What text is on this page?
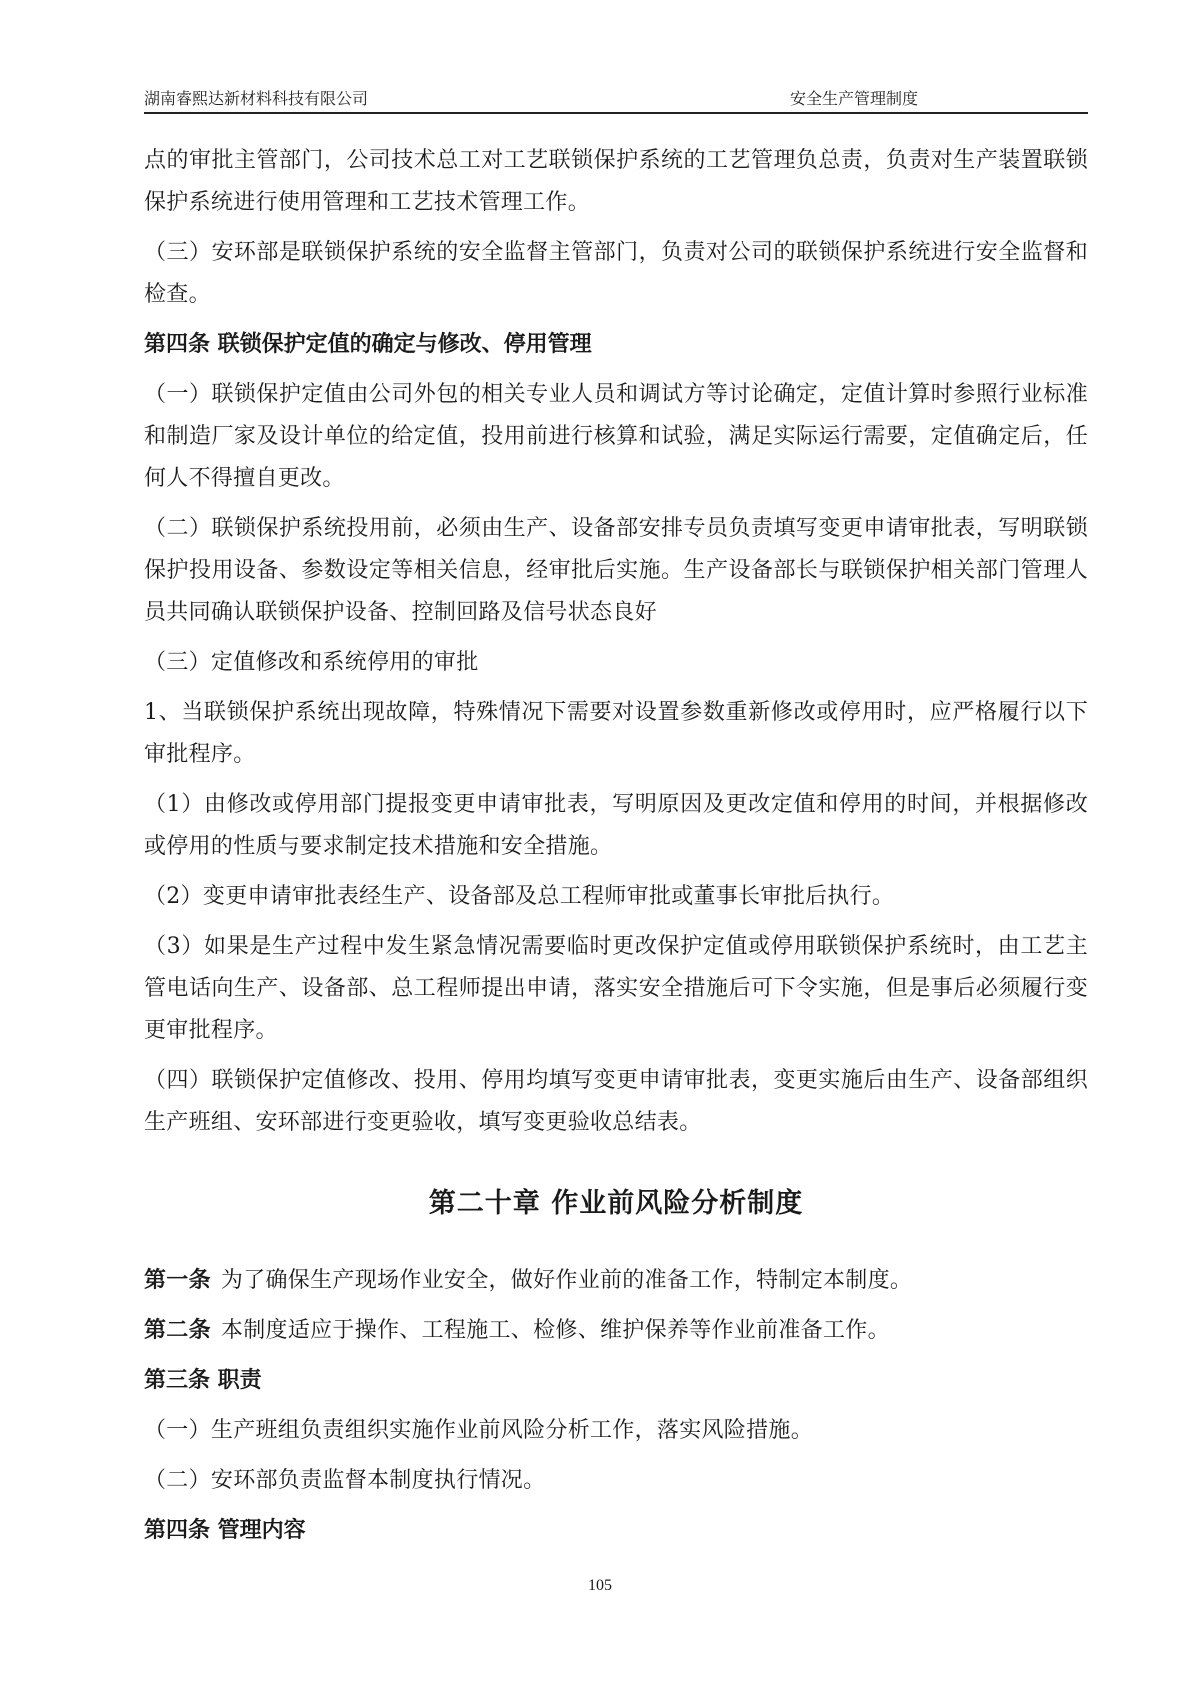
湖南睿熙达新材料科技有限公司	安全生产管理制度

点的审批主管部门，公司技术总工对工艺联锁保护系统的工艺管理负总责，负责对生产装置联锁保护系统进行使用管理和工艺技术管理工作。

（三）安环部是联锁保护系统的安全监督主管部门，负责对公司的联锁保护系统进行安全监督和检查。

第四条 联锁保护定值的确定与修改、停用管理

（一）联锁保护定值由公司外包的相关专业人员和调试方等讨论确定，定值计算时参照行业标准和制造厂家及设计单位的给定值，投用前进行核算和试验，满足实际运行需要，定值确定后，任何人不得擅自更改。

（二）联锁保护系统投用前，必须由生产、设备部安排专员负责填写变更申请审批表，写明联锁保护投用设备、参数设定等相关信息，经审批后实施。生产设备部长与联锁保护相关部门管理人员共同确认联锁保护设备、控制回路及信号状态良好

（三）定值修改和系统停用的审批

1、当联锁保护系统出现故障，特殊情况下需要对设置参数重新修改或停用时，应严格履行以下审批程序。

（1）由修改或停用部门提报变更申请审批表，写明原因及更改定值和停用的时间，并根据修改或停用的性质与要求制定技术措施和安全措施。

（2）变更申请审批表经生产、设备部及总工程师审批或董事长审批后执行。

（3）如果是生产过程中发生紧急情况需要临时更改保护定值或停用联锁保护系统时，由工艺主管电话向生产、设备部、总工程师提出申请，落实安全措施后可下令实施，但是事后必须履行变更审批程序。

（四）联锁保护定值修改、投用、停用均填写变更申请审批表，变更实施后由生产、设备部组织生产班组、安环部进行变更验收，填写变更验收总结表。

第二十章 作业前风险分析制度

第一条 为了确保生产现场作业安全，做好作业前的准备工作，特制定本制度。

第二条 本制度适应于操作、工程施工、检修、维护保养等作业前准备工作。

第三条 职责

（一）生产班组负责组织实施作业前风险分析工作，落实风险措施。

（二）安环部负责监督本制度执行情况。

第四条 管理内容

105
